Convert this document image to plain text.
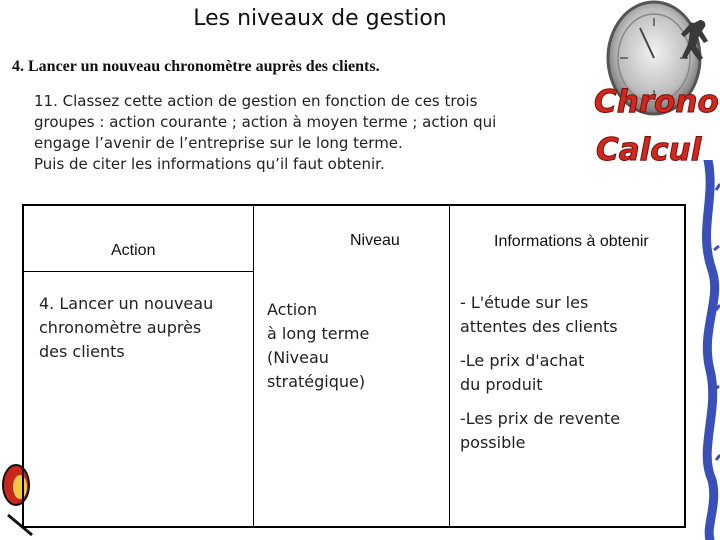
Les niveaux de gestion
4. Lancer un nouveau chronomètre auprès des clients.

11. Classez cette action de gestion en fonction de ces trois

groupes : action courante ; action à moyen terme ; action qui

engage l’avenir de l’entreprise sur le long terme.

Puis de citer les informations qu’il faut obtenir.

Chrono
Calcul
Action
4. Lancer un nouveau
chronomètre auprès
des clients
Niveau
Action
à long terme
(Niveau
stratégique)
Informations à obtenir
- L'étude sur les
attentes des clients
-Le prix d'achat
du produit
-Les prix de revente
possible
